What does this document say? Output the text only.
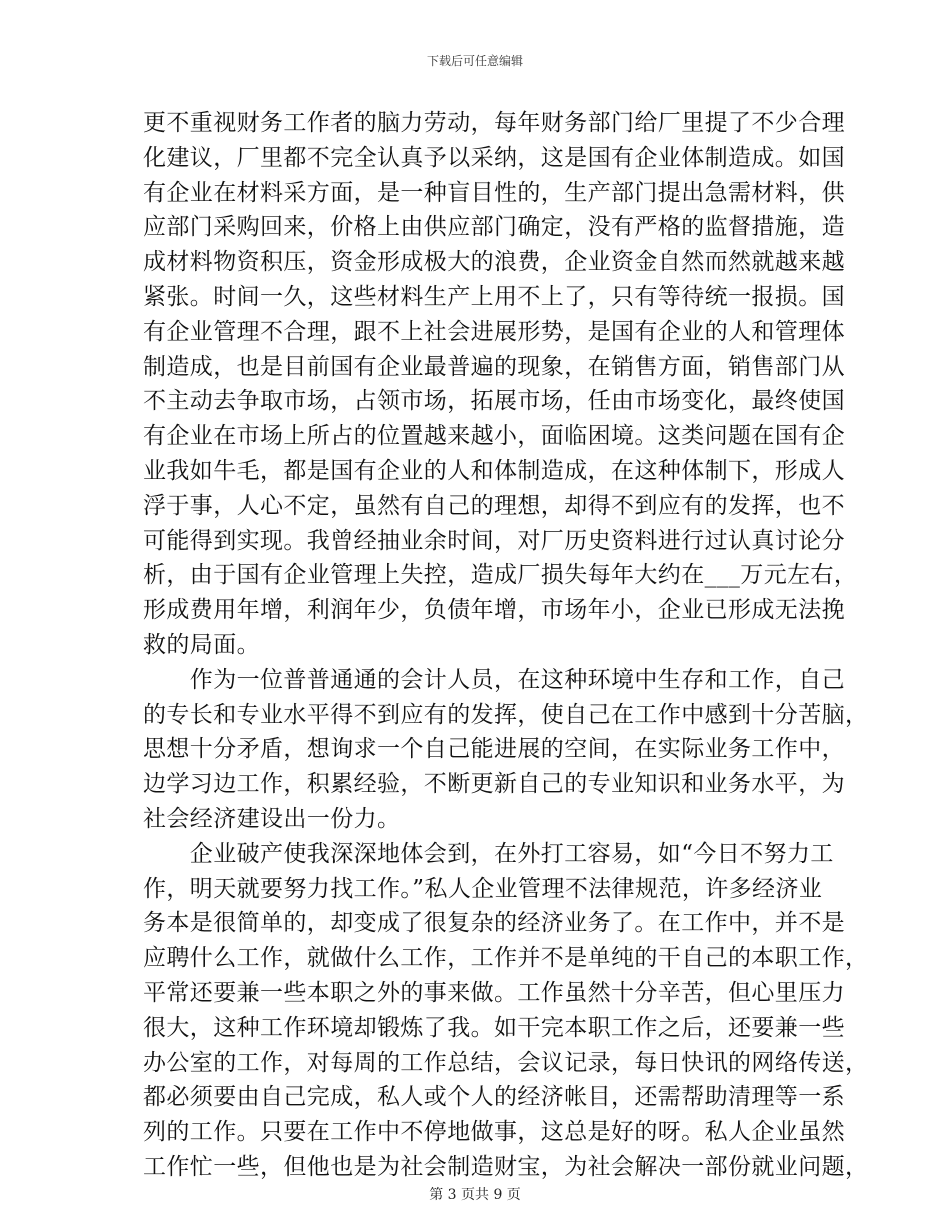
下载后可任意编辑
更不重视财务工作者的脑力劳动，每年财务部门给厂里提了不少合理
化建议，厂里都不完全认真予以采纳，这是国有企业体制造成。如国
有企业在材料采方面，是一种盲目性的，生产部门提出急需材料，供
应部门采购回来，价格上由供应部门确定，没有严格的监督措施，造
成材料物资积压，资金形成极大的浪费，企业资金自然而然就越来越
紧张。时间一久，这些材料生产上用不上了，只有等待统一报损。国
有企业管理不合理，跟不上社会进展形势，是国有企业的人和管理体
制造成，也是目前国有企业最普遍的现象，在销售方面，销售部门从
不主动去争取市场，占领市场，拓展市场，任由市场变化，最终使国
有企业在市场上所占的位置越来越小，面临困境。这类问题在国有企
业我如牛毛，都是国有企业的人和体制造成，在这种体制下，形成人
浮于事，人心不定，虽然有自己的理想，却得不到应有的发挥，也不
可能得到实现。我曾经抽业余时间，对厂历史资料进行过认真讨论分
析，由于国有企业管理上失控，造成厂损失每年大约在___万元左右，
形成费用年增，利润年少，负债年增，市场年小，企业已形成无法挽
救的局面。
　　作为一位普普通通的会计人员，在这种环境中生存和工作，自己
的专长和专业水平得不到应有的发挥，使自己在工作中感到十分苦脑，
思想十分矛盾，想询求一个自己能进展的空间，在实际业务工作中，
边学习边工作，积累经验，不断更新自己的专业知识和业务水平，为
社会经济建设出一份力。
　　企业破产使我深深地体会到，在外打工容易，如“今日不努力工
作，明天就要努力找工作。”私人企业管理不法律规范，许多经济业
务本是很简单的，却变成了很复杂的经济业务了。在工作中，并不是
应聘什么工作，就做什么工作，工作并不是单纯的干自己的本职工作，
平常还要兼一些本职之外的事来做。工作虽然十分辛苦，但心里压力
很大，这种工作环境却锻炼了我。如干完本职工作之后，还要兼一些
办公室的工作，对每周的工作总结，会议记录，每日快讯的网络传送，
都必须要由自己完成，私人或个人的经济帐目，还需帮助清理等一系
列的工作。只要在工作中不停地做事，这总是好的呀。私人企业虽然
工作忙一些，但他也是为社会制造财宝，为社会解决一部份就业问题，
第 3 页共 9 页
